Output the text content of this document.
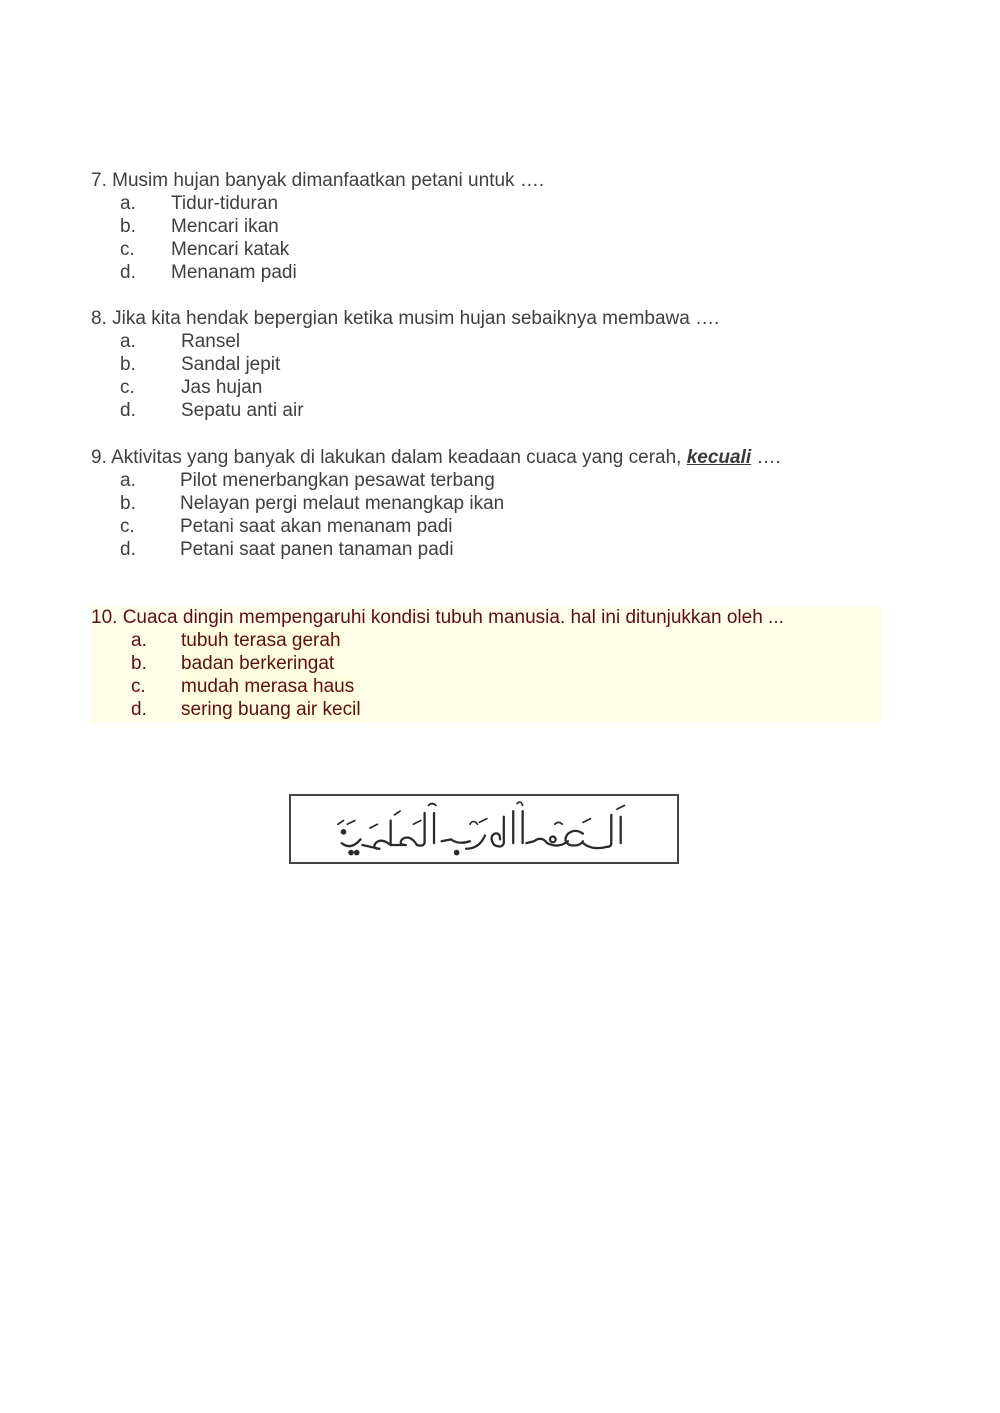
7. Musim hujan banyak dimanfaatkan petani untuk ….
a.	Tidur-tiduran
b.	Mencari ikan
c.	Mencari katak
d.	Menanam padi
8. Jika kita hendak bepergian ketika musim hujan sebaiknya membawa ….
a.	Ransel
b.	Sandal jepit
c.	Jas hujan
d.	Sepatu anti air
9. Aktivitas yang banyak di lakukan dalam keadaan cuaca yang cerah, kecuali ….
a.	Pilot menerbangkan pesawat terbang
b.	Nelayan pergi melaut menangkap ikan
c.	Petani saat akan menanam padi
d.	Petani saat panen tanaman padi
10. Cuaca dingin mempengaruhi kondisi tubuh manusia. hal ini ditunjukkan oleh ...
a.	tubuh terasa gerah
b.	badan berkeringat
c.	mudah merasa haus
d.	sering buang air kecil
